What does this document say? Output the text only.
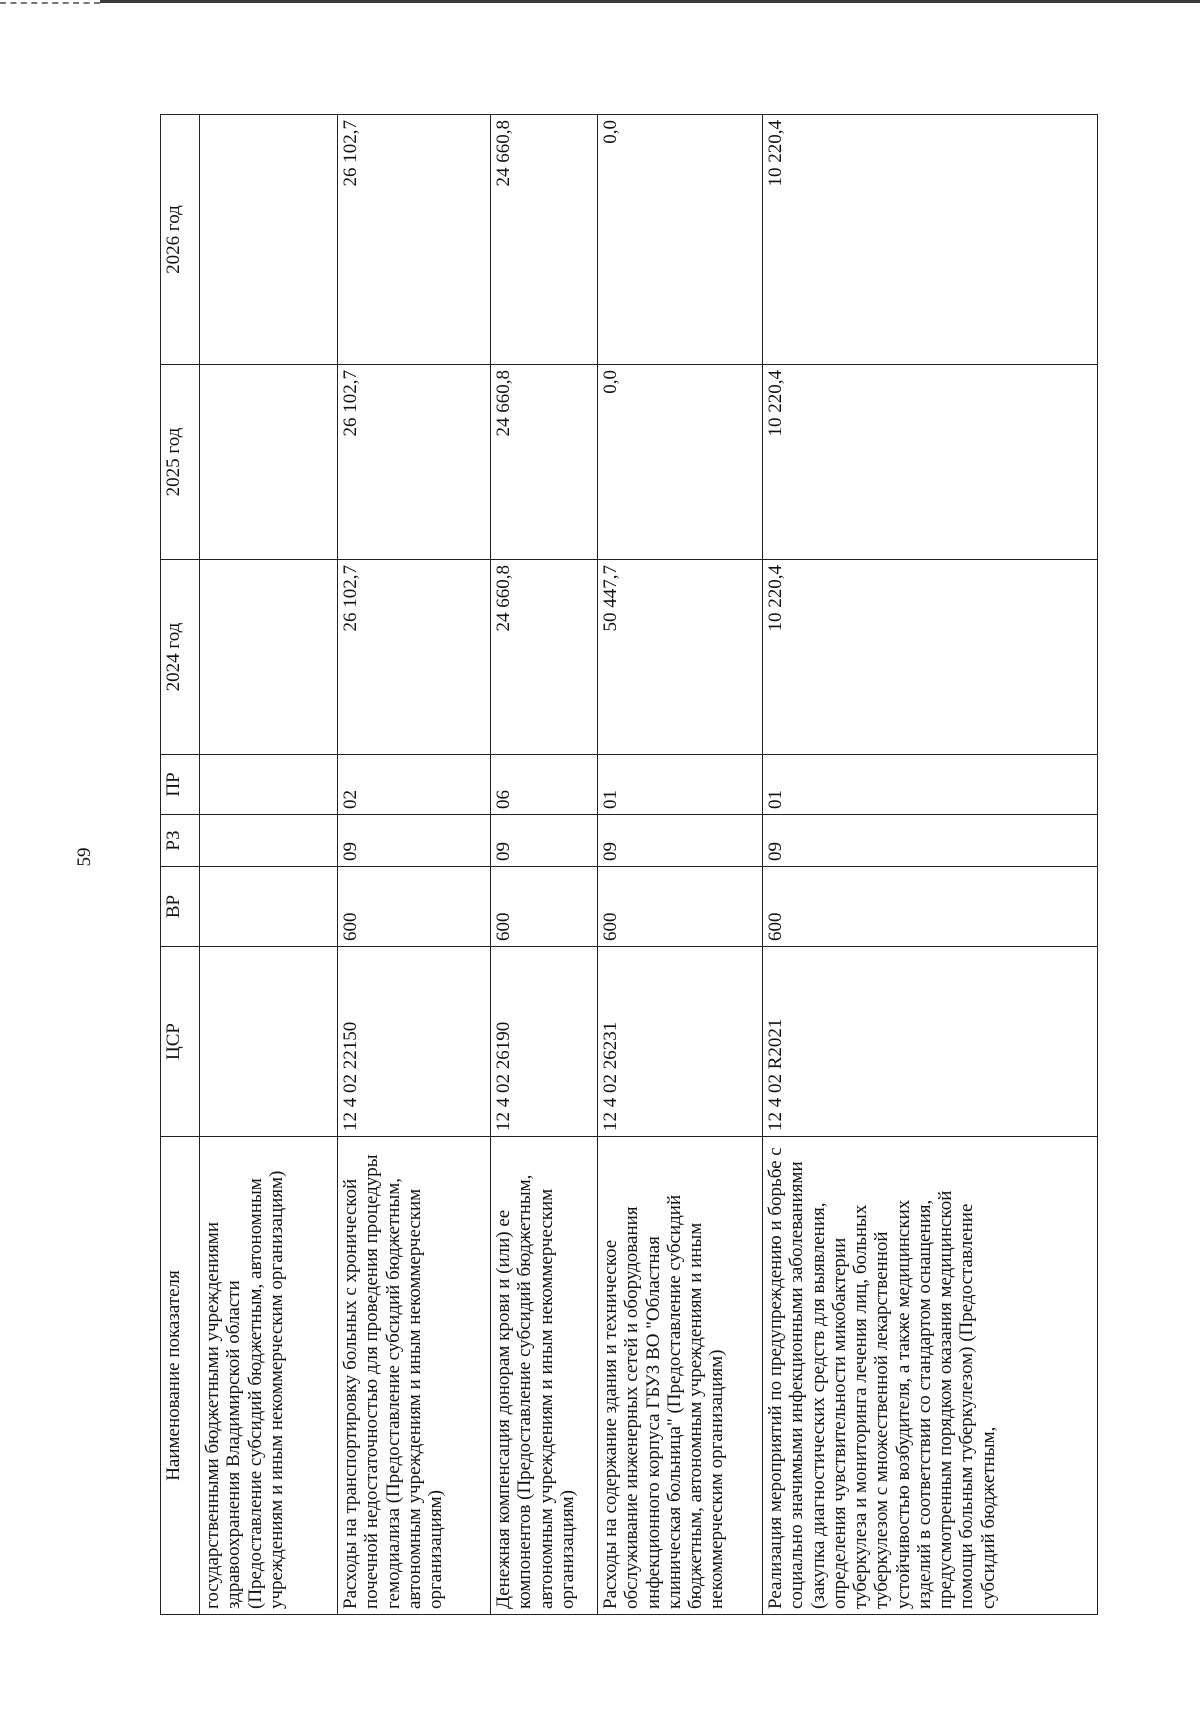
59
Наименование показателя	ЦСР	ВР	РЗ	ПР	2024 год	2025 год	2026 год
государственными бюджетными учреждениями здравоохранения Владимирской области (Предоставление субсидий бюджетным, автономным учреждениям и иным некоммерческим организациям)							
Расходы на транспортировку больных с хронической почечной недостаточностью для проведения процедуры гемодиализа (Предоставление субсидий бюджетным, автономным учреждениям и иным некоммерческим организациям)	12 4 02 22150	600	09	02	26 102,7	26 102,7	26 102,7
Денежная компенсация донорам крови и (или) ее компонентов (Предоставление субсидий бюджетным, автономным учреждениям и иным некоммерческим организациям)	12 4 02 26190	600	09	06	24 660,8	24 660,8	24 660,8
Расходы на содержание здания и техническое обслуживание инженерных сетей и оборудования инфекционного корпуса ГБУЗ ВО "Областная клиническая больница" (Предоставление субсидий бюджетным, автономным учреждениям и иным некоммерческим организациям)	12 4 02 26231	600	09	01	50 447,7	0,0	0,0
Реализация мероприятий по предупреждению и борьбе с социально значимыми инфекционными заболеваниями (закупка диагностических средств для выявления, определения чувствительности микобактерии туберкулеза и мониторинга лечения лиц, больных туберкулезом с множественной лекарственной устойчивостью возбудителя, а также медицинских изделий в соответствии со стандартом оснащения, предусмотренным порядком оказания медицинской помощи больным туберкулезом) (Предоставление субсидий бюджетным,	12 4 02 R2021	600	09	01	10 220,4	10 220,4	10 220,4
